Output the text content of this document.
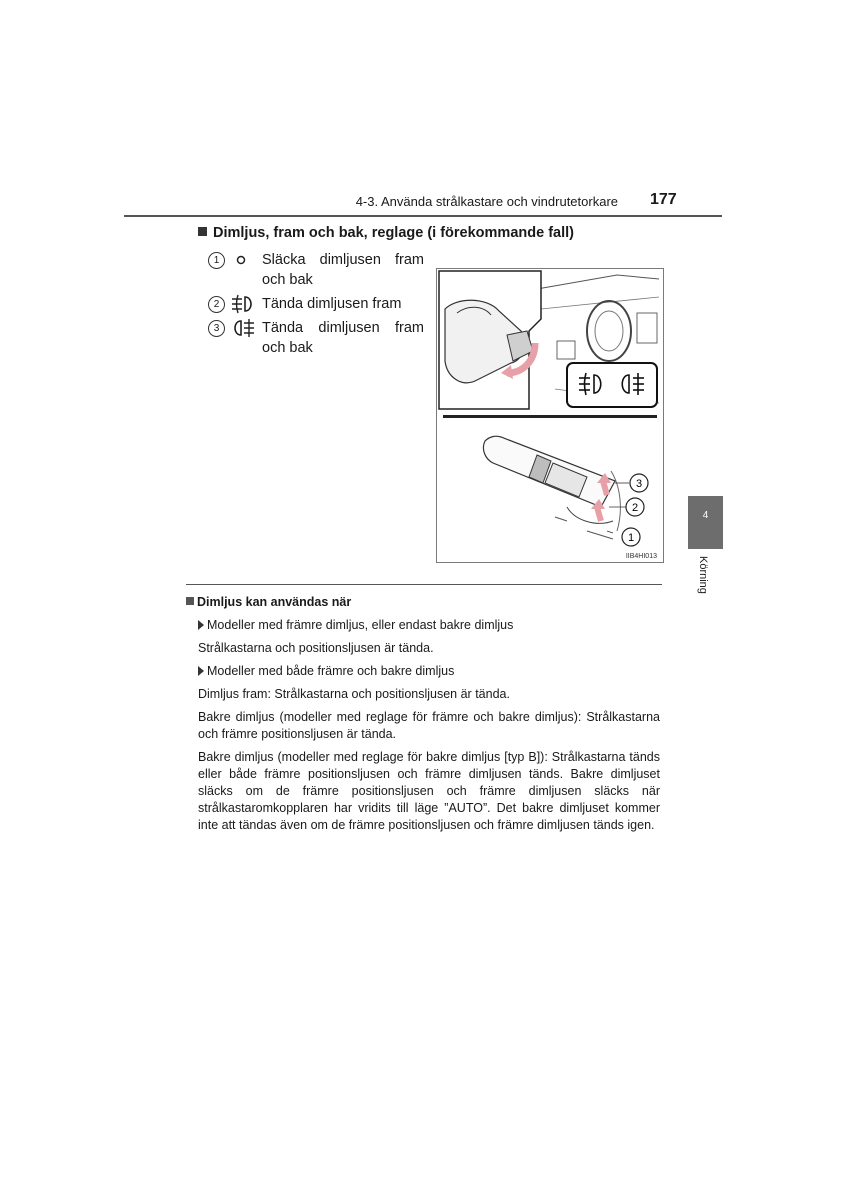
4-3. Använda strålkastare och vindrutetorkare 177
Dimljus, fram och bak, reglage (i förekommande fall)
1	Släcka dimljusen fram och bak
2	Tända dimljusen fram
3	Tända dimljusen fram och bak
3
2
1
IIB4HI013
4
Körning
Dimljus kan användas när
Modeller med främre dimljus, eller endast bakre dimljus
Strålkastarna och positionsljusen är tända.
Modeller med både främre och bakre dimljus
Dimljus fram: Strålkastarna och positionsljusen är tända.
Bakre dimljus (modeller med reglage för främre och bakre dimljus): Strålkastarna och främre positionsljusen är tända.
Bakre dimljus (modeller med reglage för bakre dimljus [typ B]): Strålkastarna tänds eller både främre positionsljusen och främre dimljusen tänds. Bakre dimljuset släcks om de främre positionsljusen och främre dimljusen släcks när strålkastaromkopplaren har vridits till läge ”AUTO”. Det bakre dimljuset kommer inte att tändas även om de främre positionsljusen och främre dimljusen tänds igen.
